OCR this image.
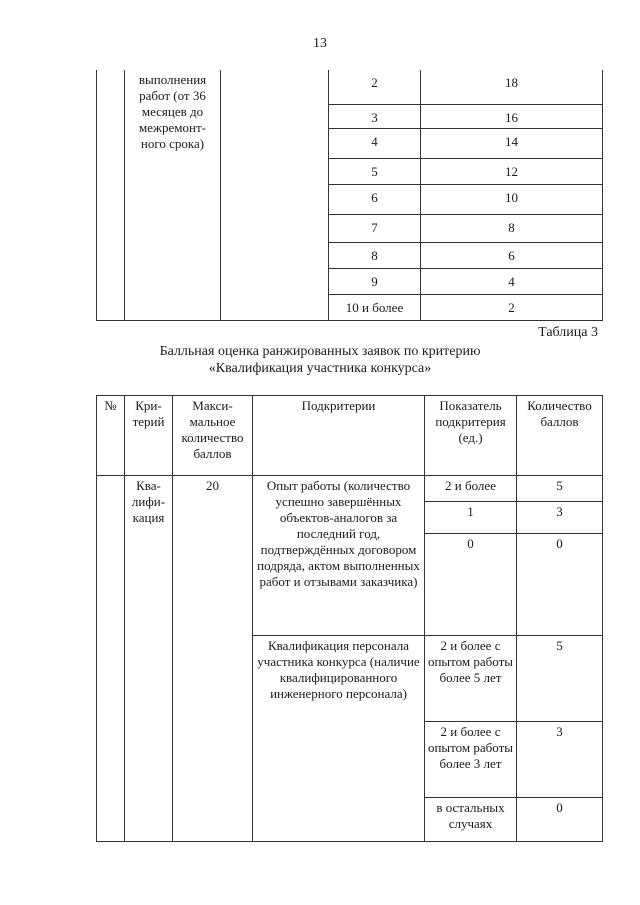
13
	выполнения работ (от 36 месяцев до межремонт-ного срока)		2	18
			3	16
			4	14
			5	12
			6	10
			7	8
			8	6
			9	4
			10 и более	2
Таблица 3
Балльная оценка ранжированных заявок по критерию
«Квалификация участника конкурса»
№	Кри-терий	Макси-мальное количество баллов	Подкритерии	Показатель подкритерия (ед.)	Количество баллов
	Ква-лифи-кация	20	Опыт работы (количество успешно завершённых объектов-аналогов за последний год, подтверждённых договором подряда, актом выполненных работ и отзывами заказчика)	2 и более	5
				1	3
				0	0
			Квалификация персонала участника конкурса (наличие квалифицированного инженерного персонала)	2 и более с опытом работы более 5 лет	5
				2 и более с опытом работы более 3 лет	3
				в остальных случаях	0
